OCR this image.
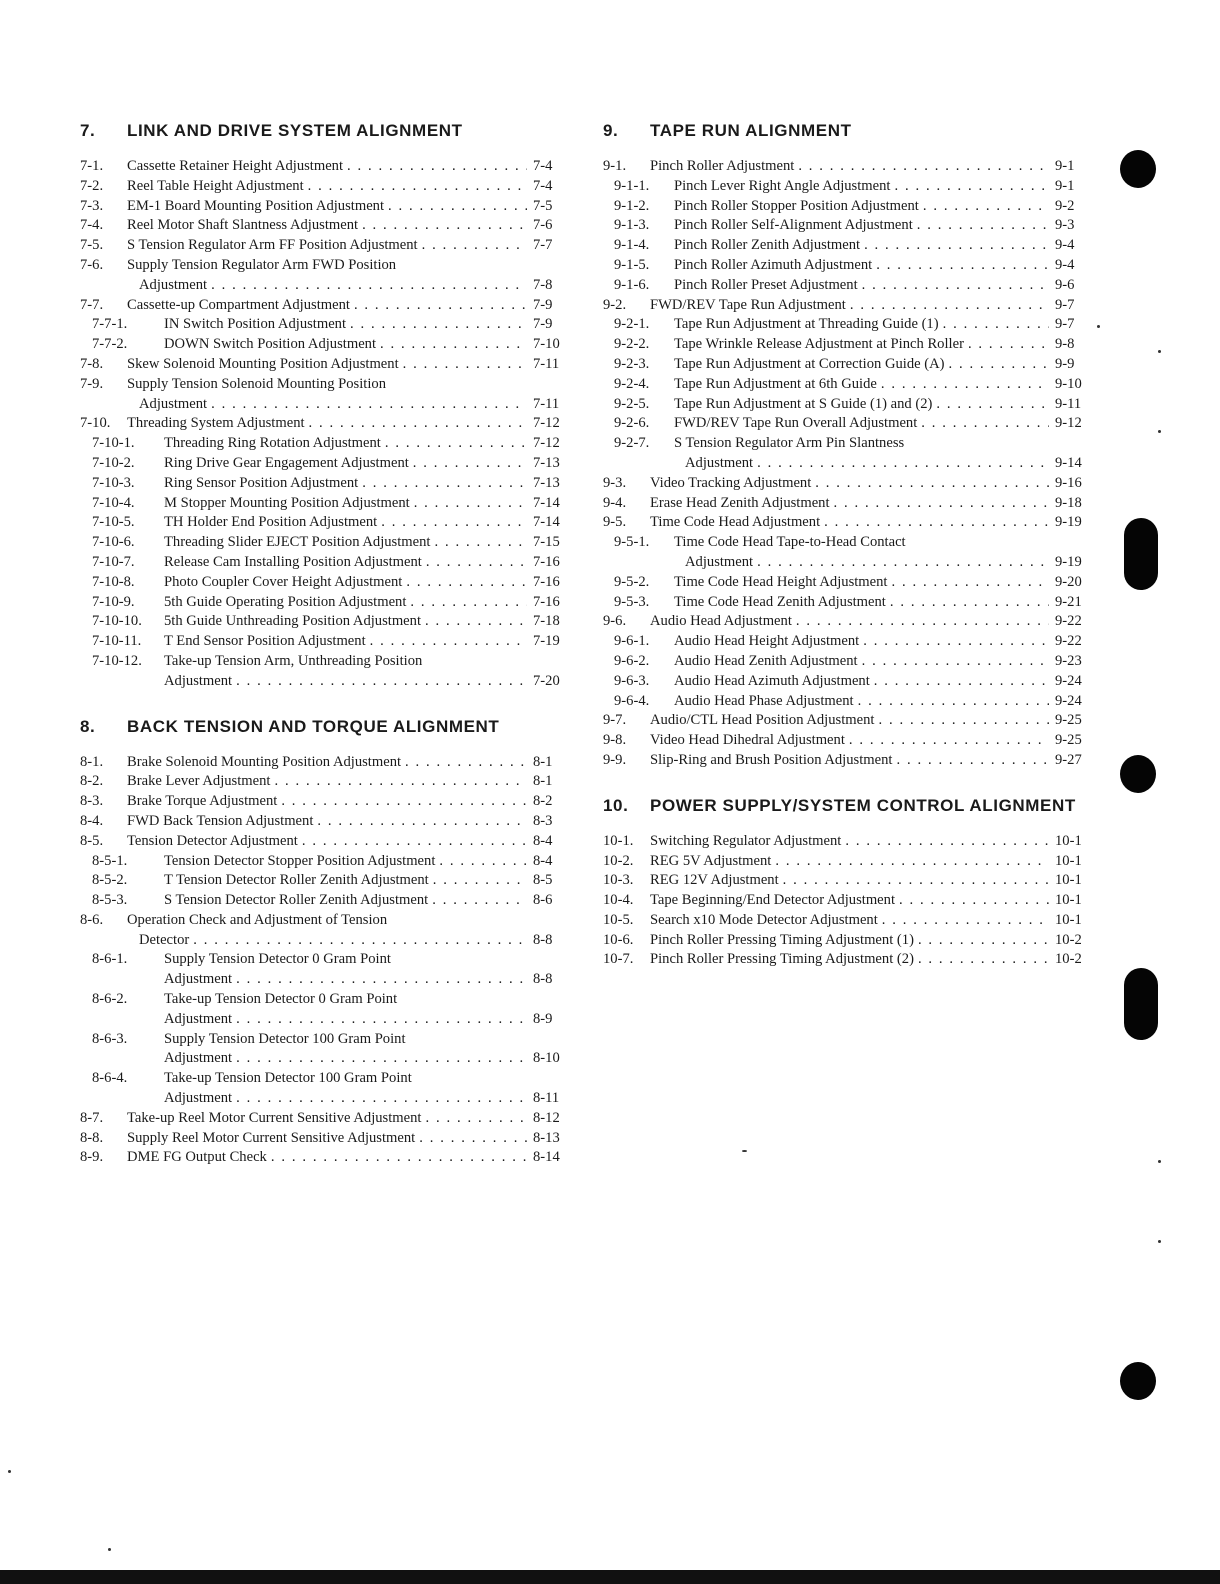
7.	LINK AND DRIVE SYSTEM ALIGNMENT
7-1.	Cassette Retainer Height Adjustment . . .	7-4
7-2.	Reel Table Height Adjustment . . .	7-4
7-3.	EM-1 Board Mounting Position Adjustment . . .	7-5
7-4.	Reel Motor Shaft Slantness Adjustment . . .	7-6
7-5.	S Tension Regulator Arm FF Position Adjustment . . .	7-7
7-6.	Supply Tension Regulator Arm FWD Position
Adjustment . . .	7-8
7-7.	Cassette-up Compartment Adjustment . . .	7-9
7-7-1.	IN Switch Position Adjustment . . .	7-9
7-7-2.	DOWN Switch Position Adjustment . . .	7-10
7-8.	Skew Solenoid Mounting Position Adjustment . . .	7-11
7-9.	Supply Tension Solenoid Mounting Position
Adjustment . . .	7-11
7-10.	Threading System Adjustment . . .	7-12
7-10-1.	Threading Ring Rotation Adjustment . . .	7-12
7-10-2.	Ring Drive Gear Engagement Adjustment . . .	7-13
7-10-3.	Ring Sensor Position Adjustment . . .	7-13
7-10-4.	M Stopper Mounting Position Adjustment . . .	7-14
7-10-5.	TH Holder End Position Adjustment . . .	7-14
7-10-6.	Threading Slider EJECT Position Adjustment . . .	7-15
7-10-7.	Release Cam Installing Position Adjustment . . .	7-16
7-10-8.	Photo Coupler Cover Height Adjustment . . .	7-16
7-10-9.	5th Guide Operating Position Adjustment . . .	7-16
7-10-10.	5th Guide Unthreading Position Adjustment . . .	7-18
7-10-11.	T End Sensor Position Adjustment . . .	7-19
7-10-12.	Take-up Tension Arm, Unthreading Position
Adjustment . . .	7-20
8.	BACK TENSION AND TORQUE ALIGNMENT
8-1.	Brake Solenoid Mounting Position Adjustment . . .	8-1
8-2.	Brake Lever Adjustment . . .	8-1
8-3.	Brake Torque Adjustment . . .	8-2
8-4.	FWD Back Tension Adjustment . . .	8-3
8-5.	Tension Detector Adjustment . . .	8-4
8-5-1.	Tension Detector Stopper Position Adjustment . . .	8-4
8-5-2.	T Tension Detector Roller Zenith Adjustment . . .	8-5
8-5-3.	S Tension Detector Roller Zenith Adjustment . . .	8-6
8-6.	Operation Check and Adjustment of Tension
Detector . . .	8-8
8-6-1.	Supply Tension Detector 0 Gram Point
Adjustment . . .	8-8
8-6-2.	Take-up Tension Detector 0 Gram Point
Adjustment . . .	8-9
8-6-3.	Supply Tension Detector 100 Gram Point
Adjustment . . .	8-10
8-6-4.	Take-up Tension Detector 100 Gram Point
Adjustment . . .	8-11
8-7.	Take-up Reel Motor Current Sensitive Adjustment . . .	8-12
8-8.	Supply Reel Motor Current Sensitive Adjustment . . .	8-13
8-9.	DME FG Output Check . . .	8-14
9.	TAPE RUN ALIGNMENT
9-1.	Pinch Roller Adjustment . . .	9-1
9-1-1.	Pinch Lever Right Angle Adjustment . . .	9-1
9-1-2.	Pinch Roller Stopper Position Adjustment . . .	9-2
9-1-3.	Pinch Roller Self-Alignment Adjustment . . .	9-3
9-1-4.	Pinch Roller Zenith Adjustment . . .	9-4
9-1-5.	Pinch Roller Azimuth Adjustment . . .	9-4
9-1-6.	Pinch Roller Preset Adjustment . . .	9-6
9-2.	FWD/REV Tape Run Adjustment . . .	9-7
9-2-1.	Tape Run Adjustment at Threading Guide (1) . . .	9-7
9-2-2.	Tape Wrinkle Release Adjustment at Pinch Roller . . .	9-8
9-2-3.	Tape Run Adjustment at Correction Guide (A) . . .	9-9
9-2-4.	Tape Run Adjustment at 6th Guide . . .	9-10
9-2-5.	Tape Run Adjustment at S Guide (1) and (2) . . .	9-11
9-2-6.	FWD/REV Tape Run Overall Adjustment . . .	9-12
9-2-7.	S Tension Regulator Arm Pin Slantness
Adjustment . . .	9-14
9-3.	Video Tracking Adjustment . . .	9-16
9-4.	Erase Head Zenith Adjustment . . .	9-18
9-5.	Time Code Head Adjustment . . .	9-19
9-5-1.	Time Code Head Tape-to-Head Contact
Adjustment . . .	9-19
9-5-2.	Time Code Head Height Adjustment . . .	9-20
9-5-3.	Time Code Head Zenith Adjustment . . .	9-21
9-6.	Audio Head Adjustment . . .	9-22
9-6-1.	Audio Head Height Adjustment . . .	9-22
9-6-2.	Audio Head Zenith Adjustment . . .	9-23
9-6-3.	Audio Head Azimuth Adjustment . . .	9-24
9-6-4.	Audio Head Phase Adjustment . . .	9-24
9-7.	Audio/CTL Head Position Adjustment . . .	9-25
9-8.	Video Head Dihedral Adjustment . . .	9-25
9-9.	Slip-Ring and Brush Position Adjustment . . .	9-27
10.	POWER SUPPLY/SYSTEM CONTROL ALIGNMENT
10-1.	Switching Regulator Adjustment . . .	10-1
10-2.	REG 5V Adjustment . . .	10-1
10-3.	REG 12V Adjustment . . .	10-1
10-4.	Tape Beginning/End Detector Adjustment . . .	10-1
10-5.	Search x10 Mode Detector Adjustment . . .	10-1
10-6.	Pinch Roller Pressing Timing Adjustment (1) . . .	10-2
10-7.	Pinch Roller Pressing Timing Adjustment (2) . . .	10-2
